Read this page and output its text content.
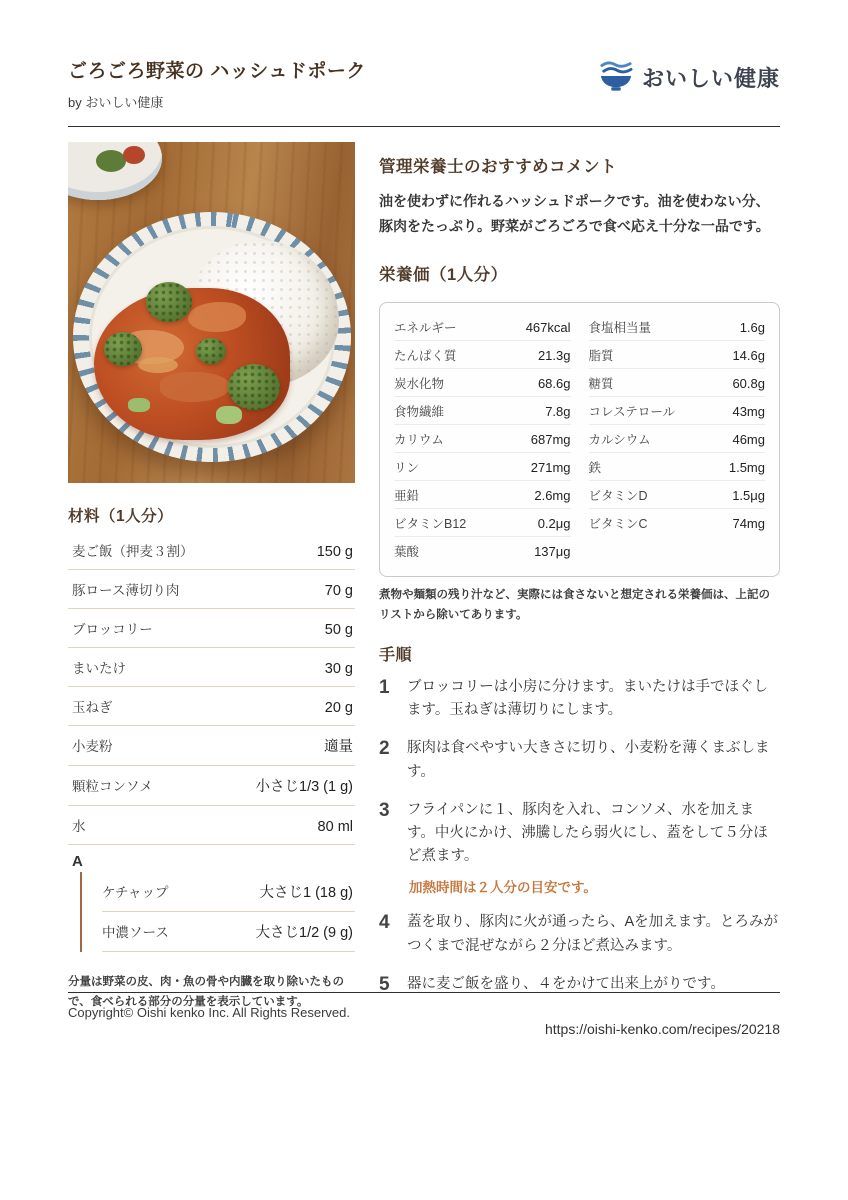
ごろごろ野菜の ハッシュドポーク
by おいしい健康
おいしい健康
材料（1人分）
麦ご飯（押麦３割）	150 g
豚ロース薄切り肉	70 g
ブロッコリー	50 g
まいたけ	30 g
玉ねぎ	20 g
小麦粉	適量
顆粒コンソメ	小さじ1/3 (1 g)
水	80 ml
A
ケチャップ	大さじ1 (18 g)
中濃ソース	大さじ1/2 (9 g)

分量は野菜の皮、肉・魚の骨や内臓を取り除いたもので、食べられる部分の分量を表示しています。

管理栄養士のおすすめコメント

油を使わずに作れるハッシュドポークです。油を使わない分、豚肉をたっぷり。野菜がごろごろで食べ応え十分な一品です。

栄養価（1人分）
エネルギー	467kcal
たんぱく質	21.3g
炭水化物	68.6g
食物繊維	7.8g
カリウム	687mg
リン	271mg
亜鉛	2.6mg
ビタミンB12	0.2μg
葉酸	137μg
食塩相当量	1.6g
脂質	14.6g
糖質	60.8g
コレステロール	43mg
カルシウム	46mg
鉄	1.5mg
ビタミンD	1.5μg
ビタミンC	74mg

煮物や麺類の残り汁など、実際には食さないと想定される栄養価は、上記のリストから除いてあります。

手順
1	ブロッコリーは小房に分けます。まいたけは手でほぐします。玉ねぎは薄切りにします。

2	豚肉は食べやすい大きさに切り、小麦粉を薄くまぶします。

3	フライパンに１、豚肉を入れ、コンソメ、水を加えます。中火にかけ、沸騰したら弱火にし、蓋をして５分ほど煮ます。

加熱時間は２人分の目安です。

4	蓋を取り、豚肉に火が通ったら、Aを加えます。とろみがつくまで混ぜながら２分ほど煮込みます。

5	器に麦ご飯を盛り、４をかけて出来上がりです。

https://oishi-kenko.com/recipes/20218
Copyright© Oishi kenko Inc. All Rights Reserved.
